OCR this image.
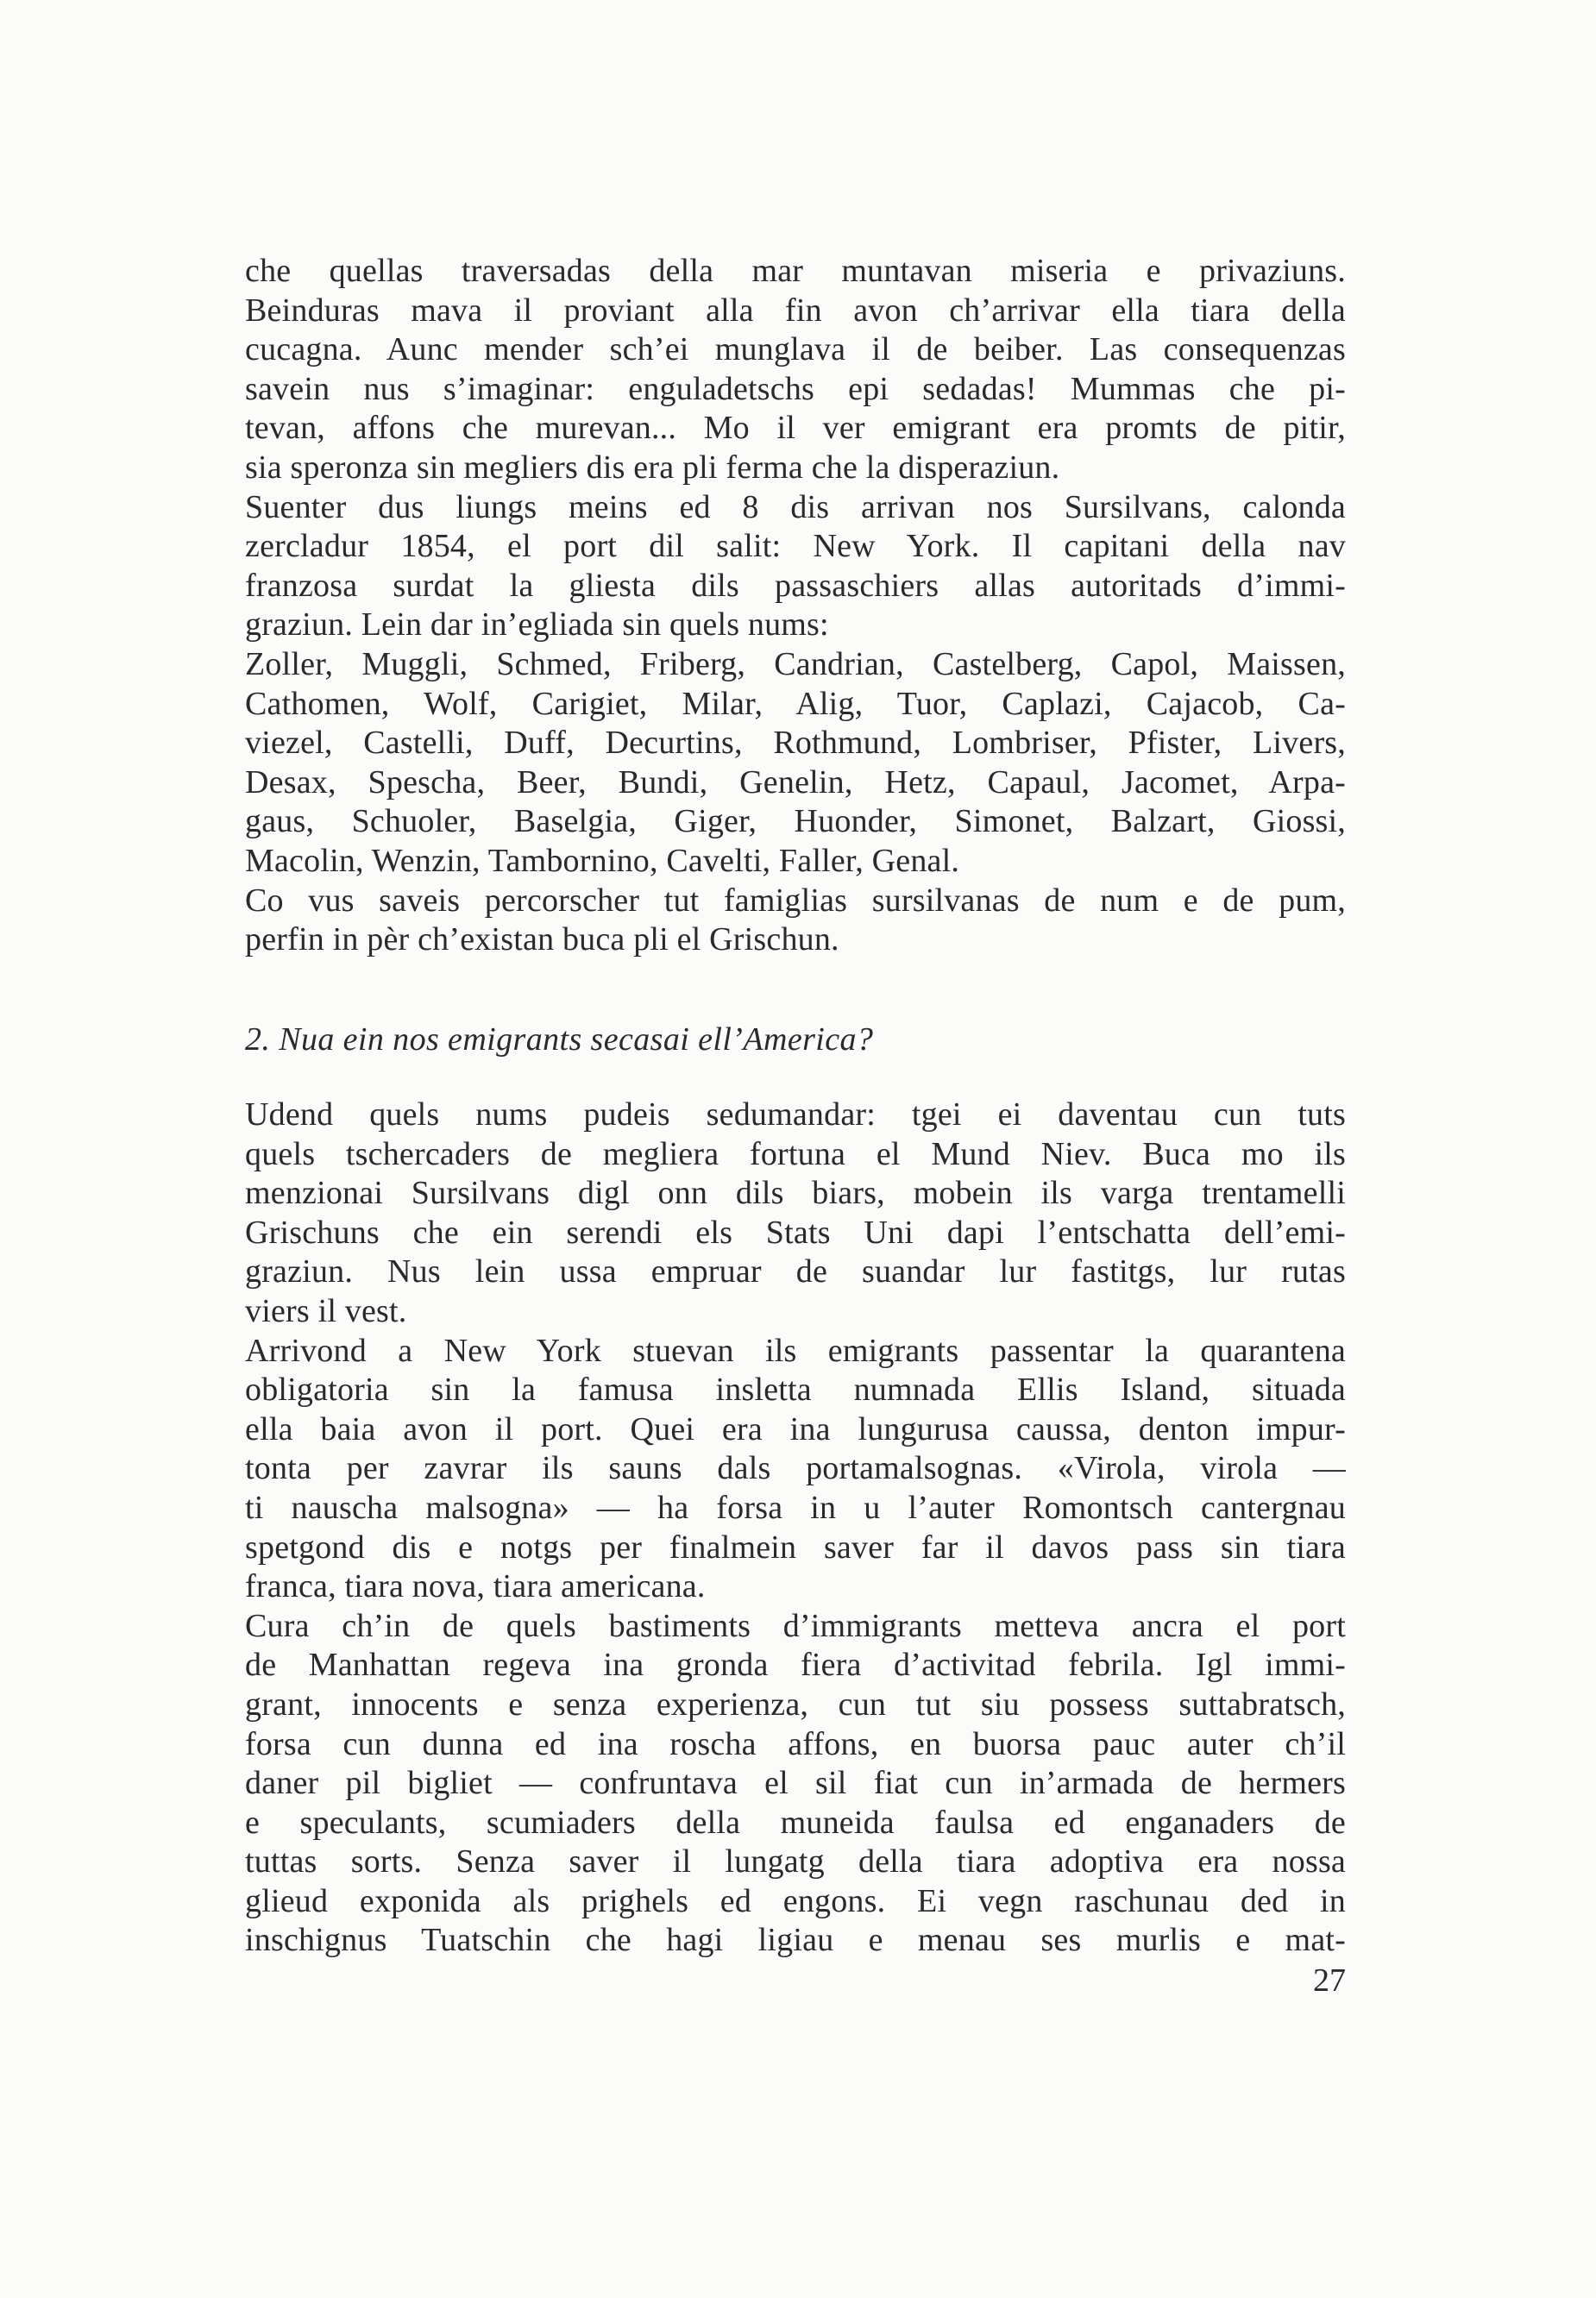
che quellas traversadas della mar muntavan miseria e privaziuns.
Beinduras mava il proviant alla fin avon ch’arrivar ella tiara della
cucagna. Aunc mender sch’ei munglava il de beiber. Las consequenzas
savein nus s’imaginar: enguladetschs epi sedadas! Mummas che pi-
tevan, affons che murevan... Mo il ver emigrant era promts de pitir,
sia speronza sin megliers dis era pli ferma che la disperaziun.
Suenter dus liungs meins ed 8 dis arrivan nos Sursilvans, calonda
zercladur 1854, el port dil salit: New York. Il capitani della nav
franzosa surdat la gliesta dils passaschiers allas autoritads d’immi-
graziun. Lein dar in’egliada sin quels nums:
Zoller, Muggli, Schmed, Friberg, Candrian, Castelberg, Capol, Maissen,
Cathomen, Wolf, Carigiet, Milar, Alig, Tuor, Caplazi, Cajacob, Ca-
viezel, Castelli, Duff, Decurtins, Rothmund, Lombriser, Pfister, Livers,
Desax, Spescha, Beer, Bundi, Genelin, Hetz, Capaul, Jacomet, Arpa-
gaus, Schuoler, Baselgia, Giger, Huonder, Simonet, Balzart, Giossi,
Macolin, Wenzin, Tambornino, Cavelti, Faller, Genal.
Co vus saveis percorscher tut famiglias sursilvanas de num e de pum,
perfin in pèr ch’existan buca pli el Grischun.
2. Nua ein nos emigrants secasai ell’America?
Udend quels nums pudeis sedumandar: tgei ei daventau cun tuts
quels tschercaders de megliera fortuna el Mund Niev. Buca mo ils
menzionai Sursilvans digl onn dils biars, mobein ils varga trentamelli
Grischuns che ein serendi els Stats Uni dapi l’entschatta dell’emi-
graziun. Nus lein ussa empruar de suandar lur fastitgs, lur rutas
viers il vest.
Arrivond a New York stuevan ils emigrants passentar la quarantena
obligatoria sin la famusa insletta numnada Ellis Island, situada
ella baia avon il port. Quei era ina lungurusa caussa, denton impur-
tonta per zavrar ils sauns dals portamalsognas. «Virola, virola —
ti nauscha malsogna» — ha forsa in u l’auter Romontsch cantergnau
spetgond dis e notgs per finalmein saver far il davos pass sin tiara
franca, tiara nova, tiara americana.
Cura ch’in de quels bastiments d’immigrants metteva ancra el port
de Manhattan regeva ina gronda fiera d’activitad febrila. Igl immi-
grant, innocents e senza experienza, cun tut siu possess suttabratsch,
forsa cun dunna ed ina roscha affons, en buorsa pauc auter ch’il
daner pil bigliet — confruntava el sil fiat cun in’armada de hermers
e speculants, scumiaders della muneida faulsa ed enganaders de
tuttas sorts. Senza saver il lungatg della tiara adoptiva era nossa
glieud exponida als prighels ed engons. Ei vegn raschunau ded in
inschignus Tuatschin che hagi ligiau e menau ses murlis e mat-
27
